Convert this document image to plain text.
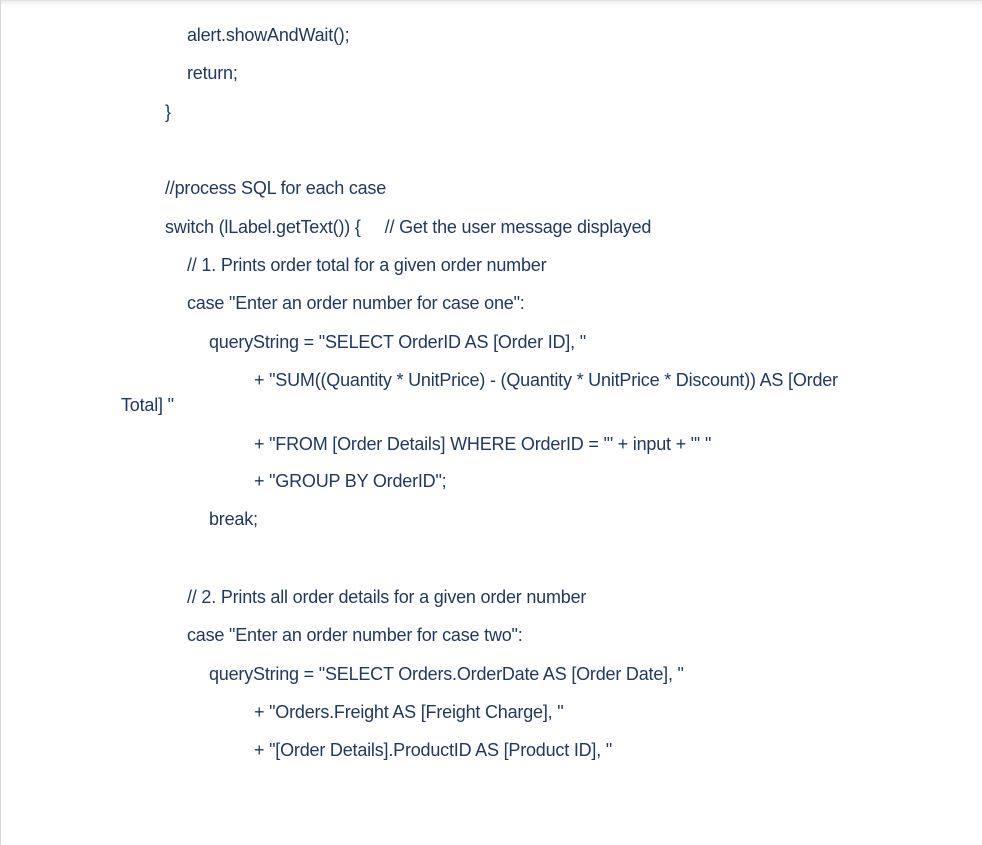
alert.showAndWait();
return;
}
//process SQL for each case
switch (lLabel.getText()) {     // Get the user message displayed
// 1. Prints order total for a given order number
case "Enter an order number for case one":
queryString = "SELECT OrderID AS [Order ID], "
+ "SUM((Quantity * UnitPrice) - (Quantity * UnitPrice * Discount)) AS [Order
Total] "
+ "FROM [Order Details] WHERE OrderID = '" + input + "' "
+ "GROUP BY OrderID";
break;
// 2. Prints all order details for a given order number
case "Enter an order number for case two":
queryString = "SELECT Orders.OrderDate AS [Order Date], "
+ "Orders.Freight AS [Freight Charge], "
+ "[Order Details].ProductID AS [Product ID], "
